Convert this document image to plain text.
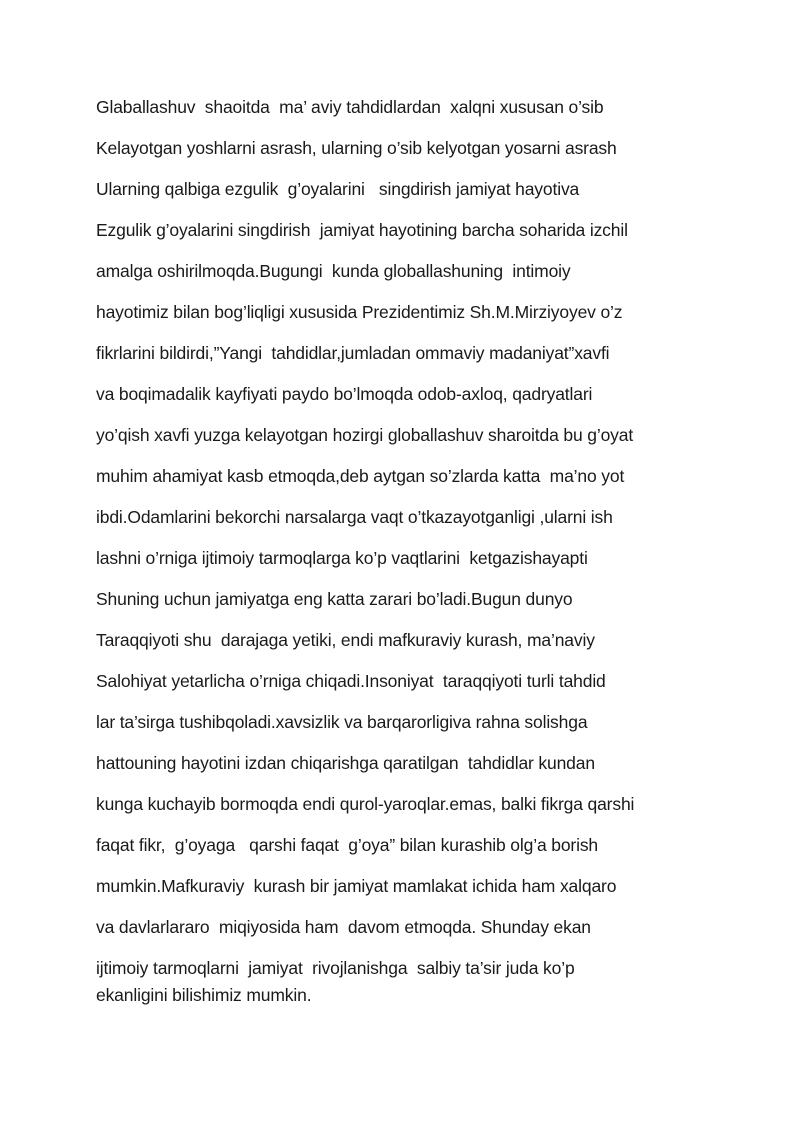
Glaballashuv  shaoitda  ma’ aviy tahdidlardan  xalqni xususan o’sib
Kelayotgan yoshlarni asrash, ularning o’sib kelyotgan yosarni asrash
Ularning qalbiga ezgulik  g’oyalarini   singdirish jamiyat hayotiva
Ezgulik g’oyalarini singdirish  jamiyat hayotining barcha soharida izchil
amalga oshirilmoqda.Bugungi  kunda globallashuning  intimoiy
hayotimiz bilan bog’liqligi xususida Prezidentimiz Sh.M.Mirziyoyev o’z
fikrlarini bildirdi,”Yangi  tahdidlar,jumladan ommaviy madaniyat”xavfi
va boqimadalik kayfiyati paydo bo’lmoqda odob-axloq, qadryatlari
yo’qish xavfi yuzga kelayotgan hozirgi globallashuv sharoitda bu g’oyat
muhim ahamiyat kasb etmoqda,deb aytgan so’zlarda katta  ma’no yot
ibdi.Odamlarini bekorchi narsalarga vaqt o’tkazayotganligi ,ularni ish
lashni o’rniga ijtimoiy tarmoqlarga ko’p vaqtlarini  ketgazishayapti
Shuning uchun jamiyatga eng katta zarari bo’ladi.Bugun dunyo
Taraqqiyoti shu  darajaga yetiki, endi mafkuraviy kurash, ma’naviy
Salohiyat yetarlicha o’rniga chiqadi.Insoniyat  taraqqiyoti turli tahdid
lar ta’sirga tushibqoladi.xavsizlik va barqarorligiva rahna solishga
hattouning hayotini izdan chiqarishga qaratilgan  tahdidlar kundan
kunga kuchayib bormoqda endi qurol-yaroqlar.emas, balki fikrga qarshi
faqat fikr,  g’oyaga   qarshi faqat  g’oya” bilan kurashib olg’a borish
mumkin.Mafkuraviy  kurash bir jamiyat mamlakat ichida ham xalqaro
va davlarlararo  miqiyosida ham  davom etmoqda. Shunday ekan
ijtimoiy tarmoqlarni  jamiyat  rivojlanishga  salbiy ta’sir juda ko’p
ekanligini bilishimiz mumkin.
